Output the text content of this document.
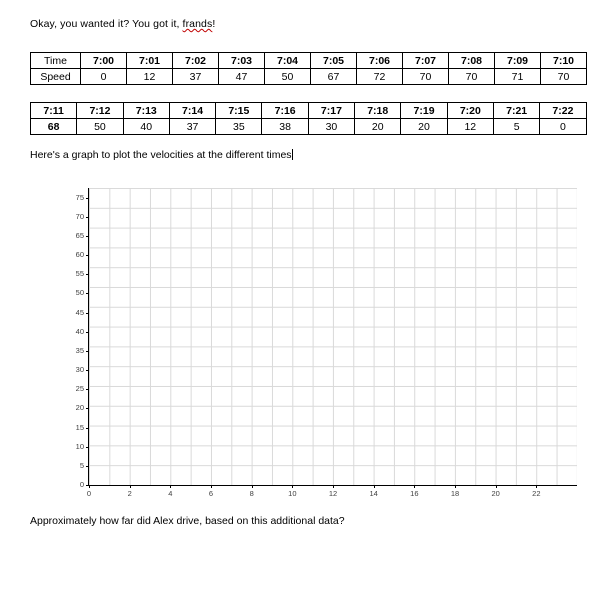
Okay, you wanted it? You got it, frands!
Time	7:00	7:01	7:02	7:03	7:04	7:05	7:06	7:07	7:08	7:09	7:10
Speed	0	12	37	47	50	67	72	70	70	71	70
7:11	7:12	7:13	7:14	7:15	7:16	7:17	7:18	7:19	7:20	7:21	7:22
68	50	40	37	35	38	30	20	20	12	5	0
Here's a graph to plot the velocities at the different times
0
5
10
15
20
25
30
35
40
45
50
55
60
65
70
75
0	2	4	6	8	10	12	14	16	18	20	22
Approximately how far did Alex drive, based on this additional data?
